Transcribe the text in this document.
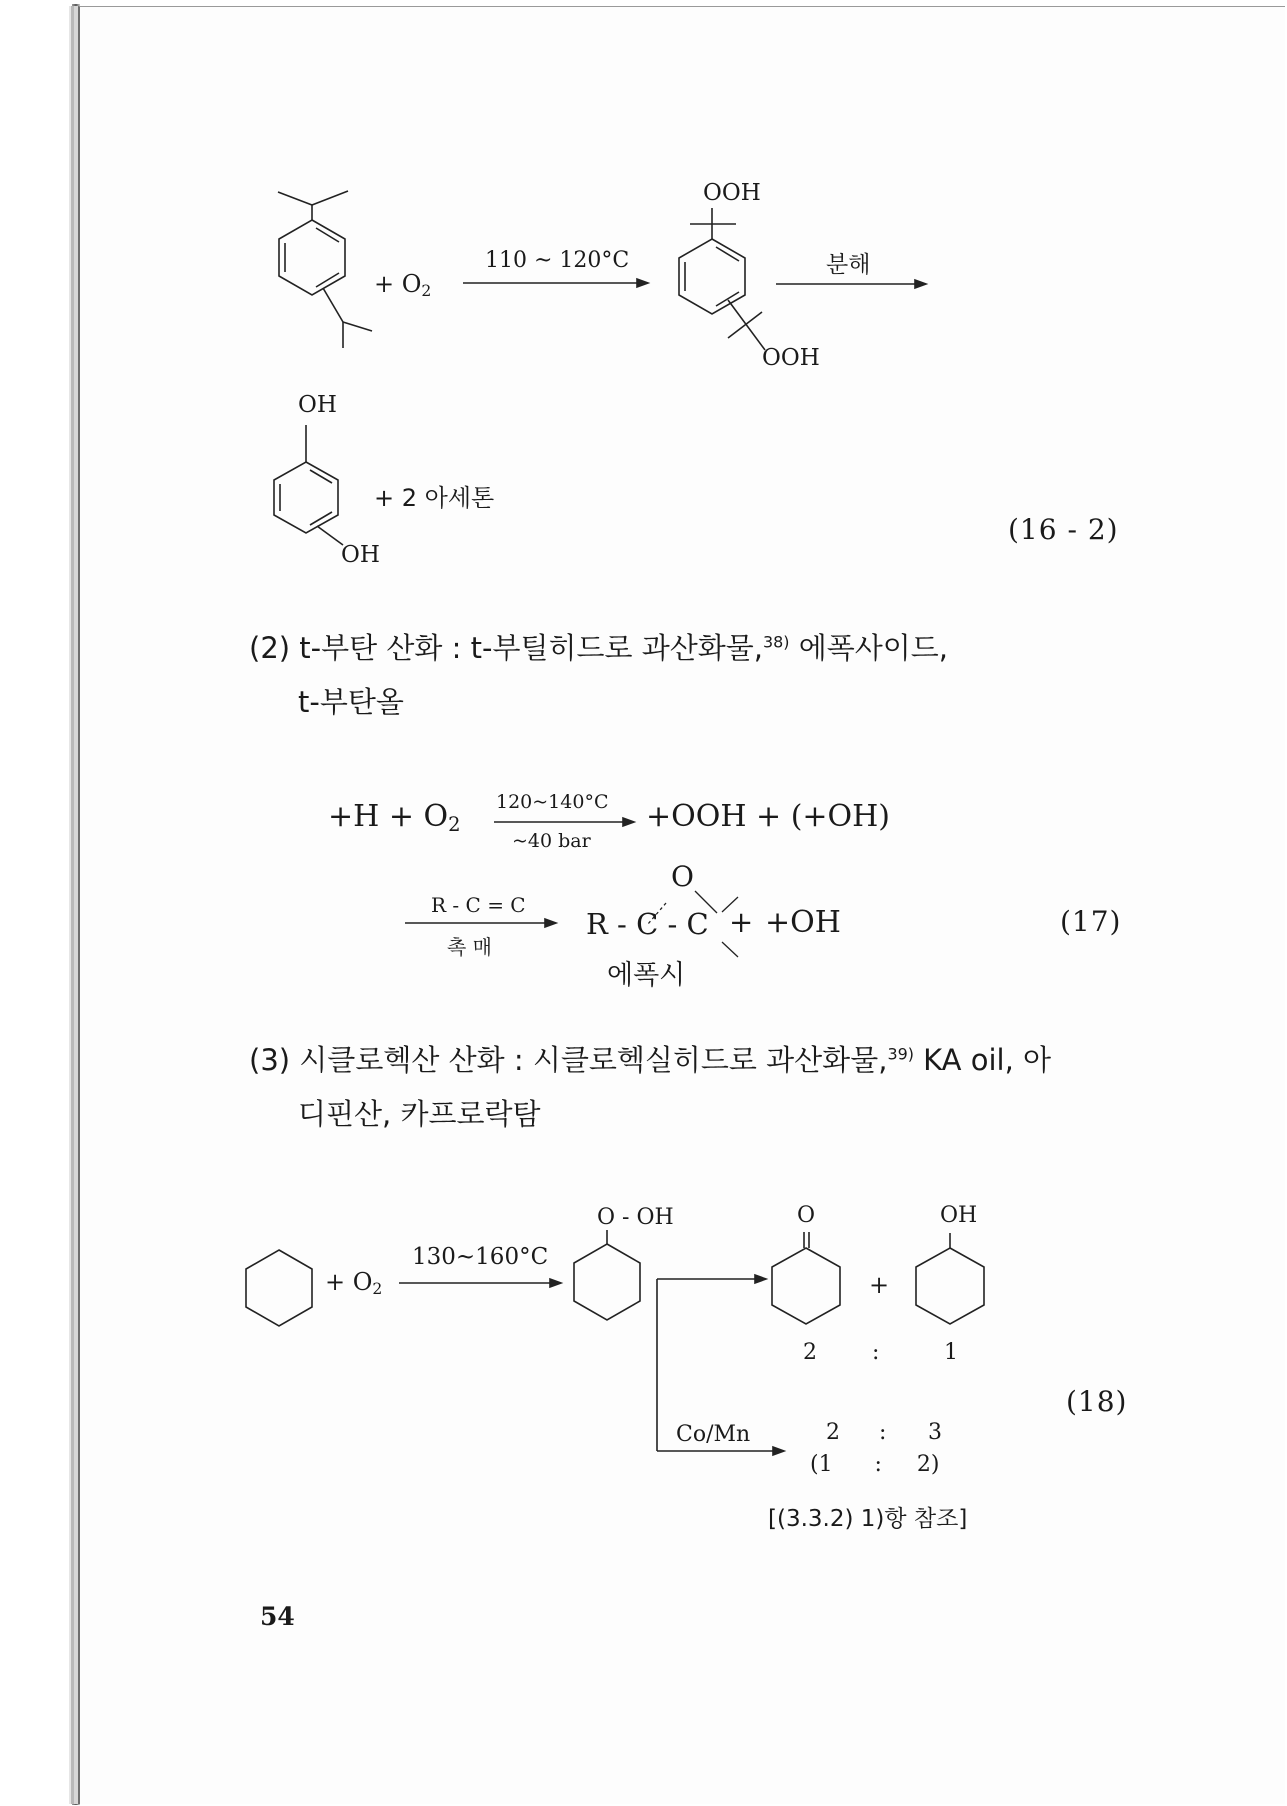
+ $O_2$
110 ~ 120°C
OOH
OOH
분해
OH
OH
+ 2 아세톤
(16 - 2)
(2) t-부탄 산화 : t-부틸히드로 과산화물,$^{38)}$ 에폭사이드,
t-부탄올
$+H + O_2$
120~140°C
~40 bar
+OOH + (+OH)
R - C = C
촉 매
O
R - C - C + +OH
에폭시
(17)
(3) 시클로헥산 산화 : 시클로헥실히드로 과산화물,$^{39)}$ KA oil, 아
디핀산, 카프로락탐
+ $O_2$
130~160°C
O - OH	O	OH
+
2	:	1
(18)
Co/Mn	2 : 3
(1      :     2)
[(3.3.2) 1)항 참조]
54
